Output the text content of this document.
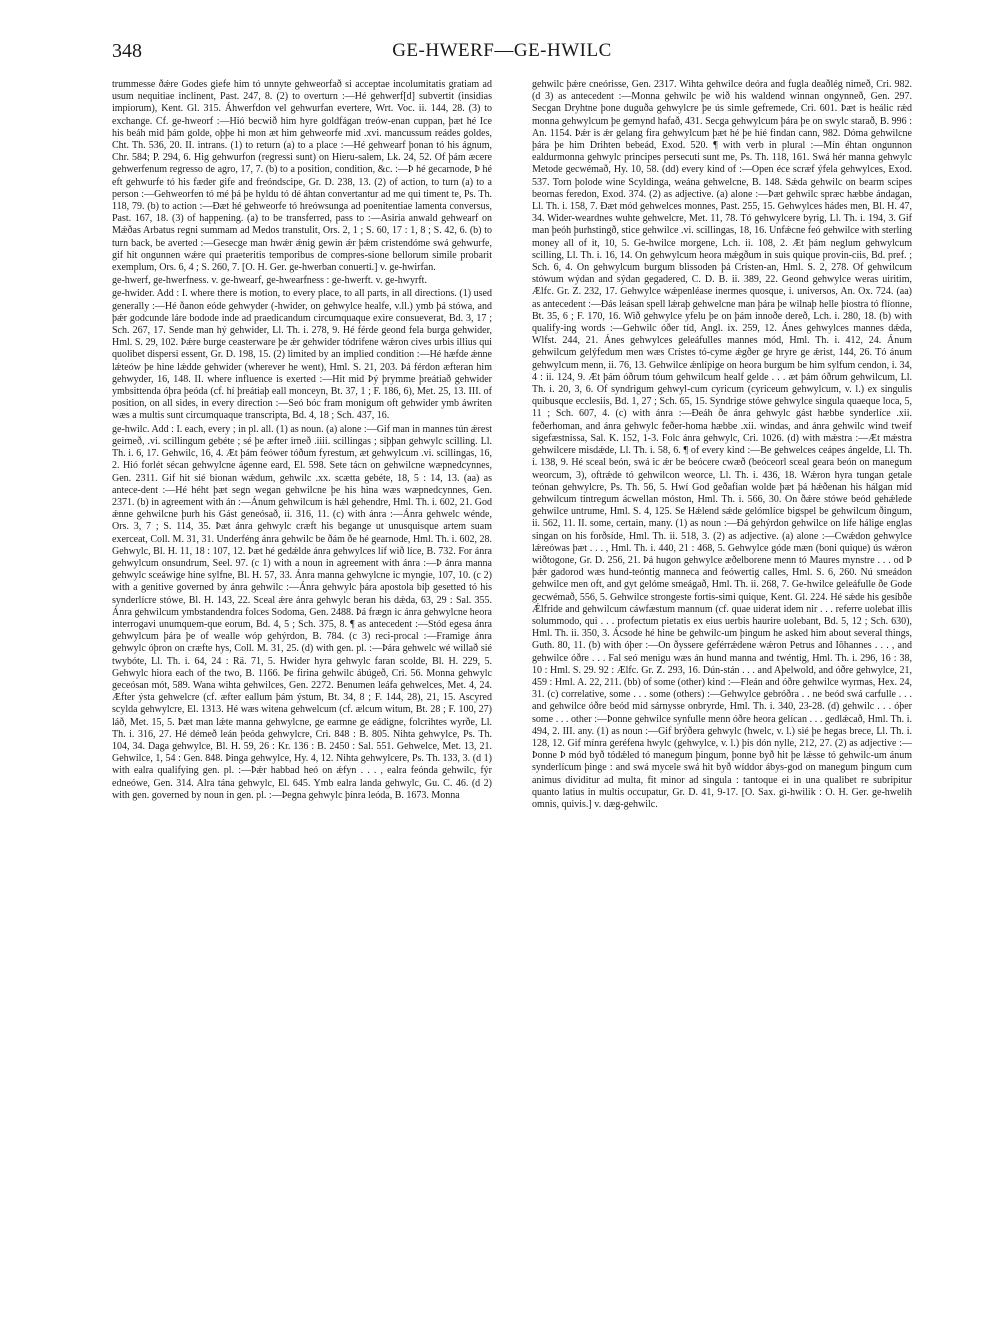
348	GE-HWERF—GE-HWILC

trummesse ðǽre Godes giefe him tó unnyte gehweorfað si acceptae incolumitatis gratiam ad usum nequitiae inclinent, Past. 247, 8. (2) to overturn :—Hé gehwerf[d] subvertit (insidias impiorum), Kent. Gl. 315. Áhwerfdon vel gehwurfan evertere, Wrt. Voc. ii. 144, 28. (3) to exchange. Cf. ge-hweorf :—Hió becwið him hyre goldfágan treów-enan cuppan, þæt hé Ice his beáh mid þám golde, oþþe hi mon æt him gehweorfe mid .xvi. mancussum reádes goldes, Cht. Th. 536, 20. II. intrans. (1) to return (a) to a place :—Hé gehwearf þonan tó his ágnum, Chr. 584; P. 294, 6. Hig gehwurfon (regressi sunt) on Hieru-salem, Lk. 24, 52. Of þám æcere gehwerfenum regresso de agro, 17, 7. (b) to a position, condition, &c. :—Þ hé gecarnode, Þ hé eft gehwurfe tó his fæder gife and freóndscipe, Gr. D. 238, 13. (2) of action, to turn (a) to a person :—Gehweorfen tó mé þá þe hyldu tó dé áhtan convertantur ad me qui timent te, Ps. Th. 118, 79. (b) to action :—Ðæt hé gehweorfe tó hreówsunga ad poenitentiae lamenta conversus, Past. 167, 18. (3) of happening. (a) to be transferred, pass to :—Asiria anwald gehwearf on Mǽðas Arbatus regni summam ad Medos transtulit, Ors. 2, 1 ; S. 60, 17 : 1, 8 ; S. 42, 6. (b) to turn back, be averted :—Gesecge man hwǽr ǽnig gewin ǽr þǽm cristendóme swá gehwurfe, gif hit ongunnen wǽre qui praeteritis temporibus de compres-sione bellorum simile probarit exemplum, Ors. 6, 4 ; S. 260, 7. [O. H. Ger. ge-hwerban conuerti.] v. ge-hwirfan.

ge-hwerf, ge-hwerfness. v. ge-hwearf, ge-hwearfness : ge-hwerft. v. ge-hwyrft.

ge-hwider. Add : I. where there is motion, to every place, to all parts, in all directions. (1) used generally :—Hé ðanon eóde gehwyder (-hwider, on gehwylce healfe, v.ll.) ymb þá stówa, and þǽr godcunde láre bodode inde ad praedicandum circumquaque exire consueverat, Bd. 3, 17 ; Sch. 267, 17. Sende man hý gehwider, Ll. Th. i. 278, 9. Hé férde geond fela burga gehwider, Hml. S. 29, 102. Þǽre burge ceasterware þe ǽr gehwider tódrifene wǽron cives urbis illius qui quolibet dispersi essent, Gr. D. 198, 15. (2) limited by an implied condition :—Hé hæfde ǽnne lǽteów þe hine lǽdde gehwider (wherever he went), Hml. S. 21, 203. Þá férdon æfteran him gehwyder, 16, 148. II. where influence is exerted :—Hit mid Þý þrymme þreátiað gehwider ymbsittenda óþra þeóda (cf. hí þreátiaþ eall monceyn, Bt. 37, 1 ; F. 186, 6), Met. 25, 13. III. of position, on all sides, in every direction :—Seó bóc fram monigum oft gehwider ymb áwriten wæs a multis sunt circumquaque transcripta, Bd. 4, 18 ; Sch. 437, 16.

ge-hwilc. Add : I. each, every ; in pl. all. (1) as noun. (a) alone :—Gif man in mannes tún ǽrest geirneð, .vi. scillingum gebéte ; sé þe æfter irneð .iiii. scillingas ; siþþan gehwylc scilling. Ll. Th. i. 6, 17. Gehwilc, 16, 4. Æt þám feówer tóðum fyrestum, æt gehwylcum .vi. scillingas, 16, 2. Hió forlét sécan gehwylcne ágenne eard, El. 598. Sete tácn on gehwilcne wæpnedcynnes, Gen. 2311. Gif hit sié bionan wǽdum, gehwilc .xx. scætta gebéte, 18, 5 : 14, 13. (aa) as antece-dent :—Hé héht þæt segn wegan gehwilcne þe his hina wæs wæpnedcynnes, Gen. 2371. (b) in agreement with án :—Ánum gehwilcum is hǽl gehendre, Hml. Th. i. 602, 21. God ǽnne gehwilcne þurh his Gást geneósað, ii. 316, 11. (c) with ánra :—Ánra gehwelc wénde, Ors. 3, 7 ; S. 114, 35. Þæt ánra gehwylc cræft his begange ut unusquisque artem suam exerceat, Coll. M. 31, 31. Underféng ánra gehwilc be ðám ðe hé gearnode, Hml. Th. i. 602, 28. Gehwylc, Bl. H. 11, 18 : 107, 12. Þæt hé gedǽlde ánra gehwylces líf wið líce, B. 732. For ánra gehwylcum onsundrum, Seel. 97. (c 1) with a noun in agreement with ánra :—Þ ánra manna gehwylc sceáwige hine sylfne, Bl. H. 57, 33. Ánra manna gehwylcne ic myngie, 107, 10. (c 2) with a genitive governed by ánra gehwilc :—Ánra gehwylc þára apostola biþ gesetted tó his synderlícre stówe, Bl. H. 143, 22. Sceal ǽre ánra gehwylc beran his dǽda, 63, 29 : Sal. 355. Ánra gehwilcum ymbstandendra folces Sodoma, Gen. 2488. Þá frægn ic ánra gehwylcne heora interrogavi unumquem-que eorum, Bd. 4, 5 ; Sch. 375, 8. ¶ as antecedent :—Stód egesa ánra gehwylcum þára þe of wealle wóp gehýrdon, B. 784. (c 3) reci-procal :—Framige ánra gehwylc óþron on cræfte hys, Coll. M. 31, 25. (d) with gen. pl. :—Þára gehwelc wé willað sié twybóte, Ll. Th. i. 64, 24 : Rä. 71, 5. Hwider hyra gehwylc faran scolde, Bl. H. 229, 5. Gehwylc hiora each of the two, B. 1166. Þe firina gehwilc ábúgeð, Cri. 56. Monna gehwylc geceósan mót, 589. Wana wihta gehwilces, Gen. 2272. Benumen leáfa gehwelces, Met. 4, 24. Æfter ýsta gehwelcre (cf. æfter eallum þám ýstum, Bt. 34, 8 ; F. 144, 28), 21, 15. Ascyred scylda gehwylcre, El. 1313. Hé wæs witena gehwelcum (cf. ælcum witum, Bt. 28 ; F. 100, 27) láð, Met. 15, 5. Þæt man lǽte manna gehwylcne, ge earmne ge eádigne, folcrihtes wyrðe, Ll. Th. i. 316, 27. Hé démeð leán þeóda gehwylcre, Cri. 848 : B. 805. Nihta gehwylce, Ps. Th. 104, 34. Daga gehwylce, Bl. H. 59, 26 : Kr. 136 : B. 2450 : Sal. 551. Gehwelce, Met. 13, 21. Gehwilce, 1, 54 : Gen. 848. Þinga gehwylce, Hy. 4, 12. Nihta gehwylcere, Ps. Th. 133, 3. (d 1) with ealra qualifying gen. pl. :—Þǽr habbad heó on ǽfyn . . . , ealra feónda gehwilc, fýr edneówe, Gen. 314. Alra tána gehwylc, El. 645. Ymb ealra landa gehwylc, Gu. C. 46. (d 2) with gen. governed by noun in gen. pl. :—Þegna gehwylc þínra leóda, B. 1673. Monna

gehwilc þǽre cneórisse, Gen. 2317. Wihta gehwilce deóra and fugla deaðlég nimeð, Cri. 982. (d 3) as antecedent :—Monna gehwilc þe wið his waldend winnan ongynneð, Gen. 297. Secgan Dryhtne þone duguða gehwylcre þe ús simle gefremede, Cri. 601. Þæt is heálic rǽd monna gehwylcum þe gemynd hafað, 431. Secga gehwylcum þára þe on swylc starað, B. 996 : An. 1154. Þǽr is ǽr gelang fira gehwylcum þæt hé þe hié findan cann, 982. Dóma gehwilcne þára þe him Drihten bebeád, Exod. 520. ¶ with verb in plural :—Mín éhtan ongunnon ealdurmonna gehwylc principes persecuti sunt me, Ps. Th. 118, 161. Swá hér manna gehwylc Metode gecwémað, Hy. 10, 58. (dd) every kind of :—Open éce scræf ýfela gehwylces, Exod. 537. Torn þolode wine Scyldinga, weána gehwelcne, B. 148. Sǽda gehwilc on bearm scipes beornas feredon, Exod. 374. (2) as adjective. (a) alone :—Þæt gehwilc spræc hæbbe ándagan, Ll. Th. i. 158, 7. Ðæt mód gehwelces monnes, Past. 255, 15. Gehwylces hádes men, Bl. H. 47, 34. Wider-weardnes wuhte gehwelcre, Met. 11, 78. Tó gehwylcere byrig, Ll. Th. i. 194, 3. Gif man þeóh þurhstingð, stice gehwilce .vi. scillingas, 18, 16. Unfǽcne feó gehwilce with sterling money all of it, 10, 5. Ge-hwilce morgene, Lch. ii. 108, 2. Æt þám neglum gehwylcum scilling, Ll. Th. i. 16, 14. On gehwylcum heora mǽgðum in suis quique provin-ciis, Bd. pref. ; Sch. 6, 4. On gehwylcum burgum blissoden þá Crísten-an, Hml. S. 2, 278. Of gehwilcum stówum wýdan and sýdan gegadered, C. D. B. ii. 389, 22. Geond gehwylce weras uiritim, Ælfc. Gr. Z. 232, 17. Gehwylce wǽpenléase inermes quosque, i. universos, An. Ox. 724. (aa) as antecedent :—Ðás leásan spell lǽraþ gehwelcne man þára þe wilnaþ helle þiostra tó flíonne, Bt. 35, 6 ; F. 170, 16. Wið gehwylce yfelu þe on þám innoðe dereð, Lch. i. 280, 18. (b) with qualify-ing words :—Gehwilc óðer tíd, Angl. ix. 259, 12. Ánes gehwylces mannes dǽda, Wlfst. 244, 21. Ánes gehwylces geleáfulles mannes mód, Hml. Th. i. 412, 24. Ánum gehwilcum gelýfedum men wæs Crístes tó-cyme ǽgðer ge hryre ge ǽrist, 144, 26. Tó ánum gehwylcum menn, ii. 76, 13. Gehwilce ǽnlípige on heora burgum be him sylfum cendon, i. 34, 4 : ii. 124, 9. Æt þám óðrum tóum gehwilcum healf gelde . . . æt þám óðrum gehwilcum, Ll. Th. i. 20, 3, 6. Of syndrigum gehwyl-cum cyricum (cyriceum gehwylcum, v. l.) ex singulis quibusque ecclesiis, Bd. 1, 27 ; Sch. 65, 15. Syndrige stówe gehwylce singula quaeque loca, 5, 11 ; Sch. 607, 4. (c) with ánra :—Ðeáh ðe ánra gehwylc gást hæbbe synderlíce .xii. feðerhoman, and ánra gehwylc feðer-homa hæbbe .xii. windas, and ánra gehwilc wind tweif sigefæstnissa, Sal. K. 152, 1-3. Folc ánra gehwylc, Cri. 1026. (d) with mǽstra :—Æt mǽstra gehwilcere misdǽde, Ll. Th. i. 58, 6. ¶ of every kind :—Be gehwelces ceápes ángelde, Ll. Th. i. 138, 9. Hé sceal beón, swá ic ǽr be beócere cwæð (beóceorl sceal geara beón on manegum weorcum, 3), oftrǽde tó gehwilcon weorce, Ll. Th. i. 436, 18. Wǽron hyra tungan getale teónan gehwylcre, Ps. Th. 56, 5. Hwí God geðafian wolde þæt þá hǽðenan his hálgan mid gehwilcum tintregum ácwellan móston, Hml. Th. i. 566, 30. On ðǽre stówe beód gehǽlede gehwilce untrume, Hml. S. 4, 125. Se Hǽlend sǽde gelómlíce bigspel be gehwilcum ðingum, ii. 562, 11. II. some, certain, many. (1) as noun :—Ðá gehýrdon gehwilce on lífe hálige englas singan on his forðsíde, Hml. Th. ii. 518, 3. (2) as adjective. (a) alone :—Cwǽdon gehwylce lǽreówas þæt . . . , Hml. Th. i. 440, 21 : 468, 5. Gehwylce góde mæn (boni quique) ús wǽron wiðtogone, Gr. D. 256, 21. Þá hugon gehwylce æðelborene menn tó Maures mynstre . . . od Þ þǽr gadorod wæs hund-teóntig manneca and feówertig calles, Hml. S. 6, 260. Nú smeádon gehwilce men oft, and gyt gelóme smeágað, Hml. Th. ii. 268, 7. Ge-hwilce geleáfulle ðe Gode gecwémað, 556, 5. Gehwilce strongeste fortis-simi quique, Kent. Gl. 224. Hé sǽde his gesíbðe Ǽlfride and gehwilcum cáwfæstum mannum (cf. quae uiderat idem nir . . . referre uolebat illis solummodo, qui . . . profectum pietatis ex eius uerbis haurire uolebant, Bd. 5, 12 ; Sch. 630), Hml. Th. ii. 350, 3. Ácsode hé hine be gehwilc-um þingum he asked him about several things, Guth. 80, 11. (b) with óþer :—On ðyssere geférrǽdene wǽron Petrus and Iôhannes . . . , and gehwilce óðre . . . Fal seó menigu wæs án hund manna and twéntig, Hml. Th. i. 296, 16 : 38, 10 : Hml. S. 29. 92 : Ælfc. Gr. Z. 293, 16. Dún-stán . . . and Aþelwold, and óðre gehwylce, 21, 459 : Hml. A. 22, 211. (bb) of some (other) kind :—Fleán and óðre gehwilce wyrmas, Hex. 24, 31. (c) correlative, some . . . some (others) :—Gehwylce gebróðra . . ne beód swá carfulle . . . and gehwilce óðre beód mid sárnysse onbryrde, Hml. Th. i. 340, 23-28. (d) gehwilc . . . óþer some . . . other :—Þonne gehwilce synfulle menn óðre heora gelícan . . . gedlǽcað, Hml. Th. i. 494, 2. III. any. (1) as noun :—Gif brýðera gehwylc (hwelc, v. l.) sié þe hegas brece, Ll. Th. i. 128, 12. Gif mínra geréfena hwylc (gehwylce, v. l.) þis dón nylle, 212, 27. (2) as adjective :—Þonne Þ mód byð tódǽled tó manegum þingum, þonne byð hit þe lǽsse tó gehwilc-um ánum synderlícum þinge : and swá mycele swá hit byð wíddor ábys-god on manegum þingum cum animus dividitur ad multa, fit minor ad singula : tantoque ei in una qualibet re subripitur quanto latius in multis occupatur, Gr. D. 41, 9-17. [O. Sax. gi-hwilik : O. H. Ger. ge-hwelih omnis, quivis.] v. dæg-gehwilc.
